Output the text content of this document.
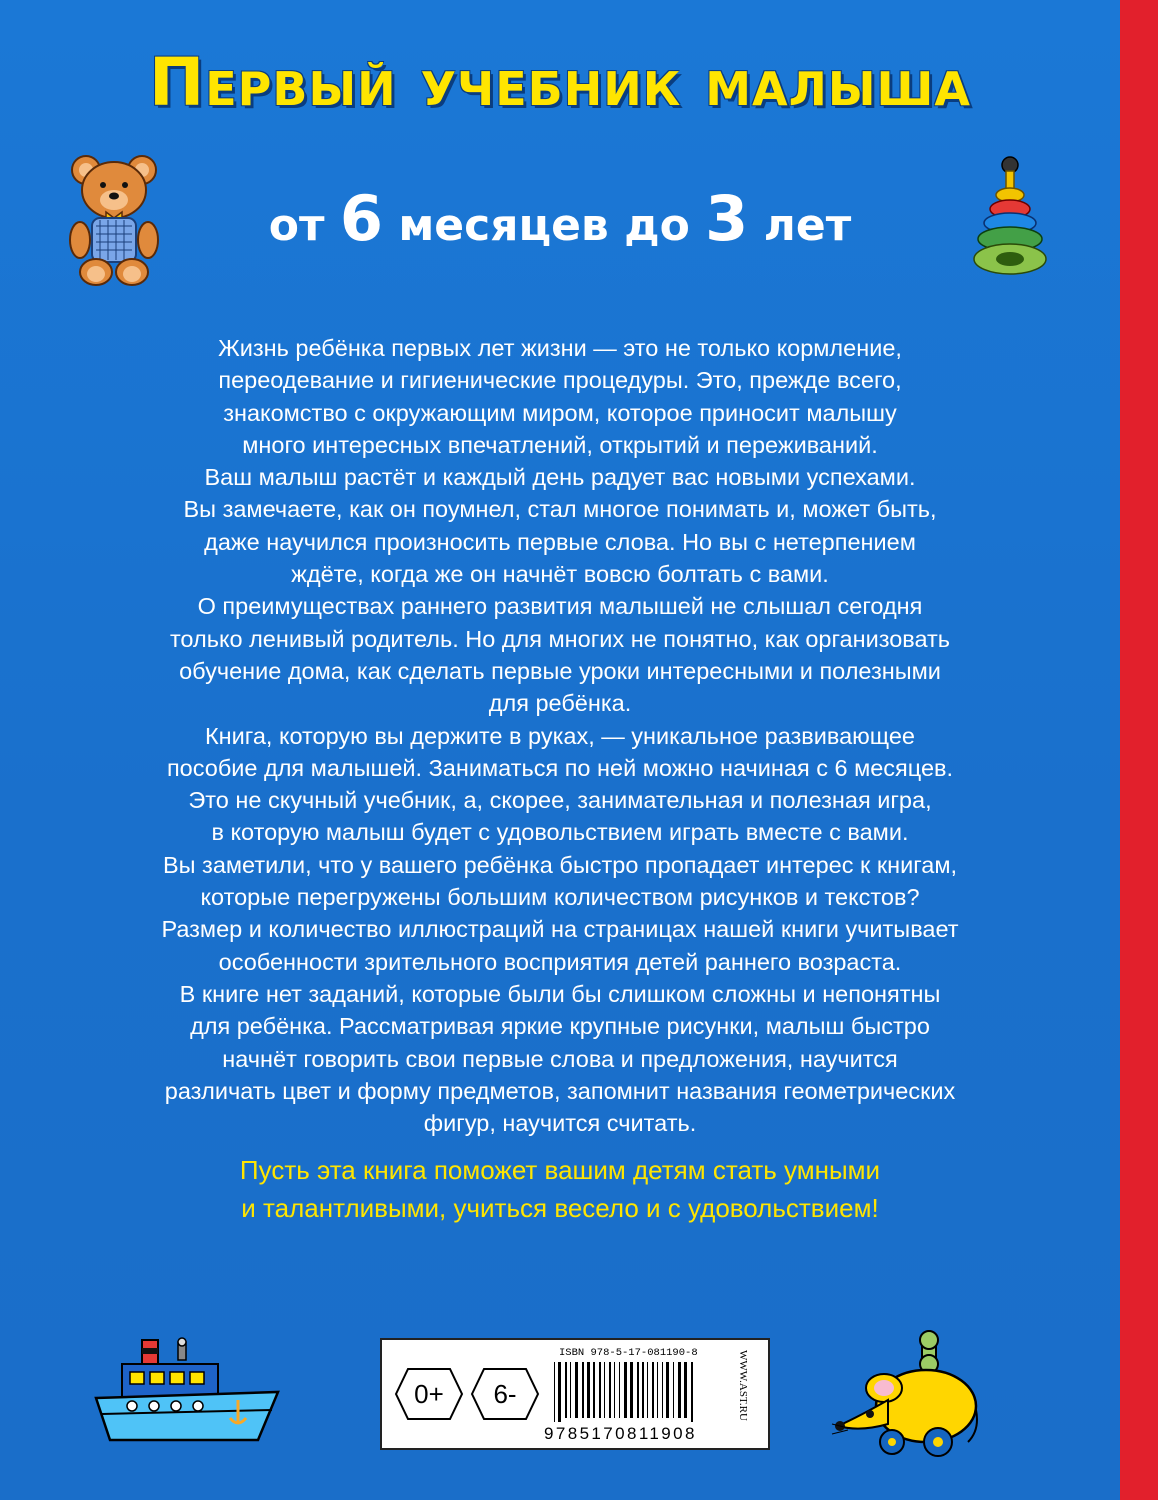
Первый учебник малыша
от 6 месяцев до 3 лет

Жизнь ребёнка первых лет жизни — это не только кормление,

переодевание и гигиенические процедуры. Это, прежде всего,

знакомство с окружающим миром, которое приносит малышу

много интересных впечатлений, открытий и переживаний.

Ваш малыш растёт и каждый день радует вас новыми успехами.

Вы замечаете, как он поумнел, стал многое понимать и, может быть,

даже научился произносить первые слова. Но вы с нетерпением

ждёте, когда же он начнёт вовсю болтать с вами.

О преимуществах раннего развития малышей не слышал сегодня

только ленивый родитель. Но для многих не понятно, как организовать

обучение дома, как сделать первые уроки интересными и полезными

для ребёнка.

Книга, которую вы держите в руках, — уникальное развивающее

пособие для малышей. Заниматься по ней можно начиная с 6 месяцев.

Это не скучный учебник, а, скорее, занимательная и полезная игра,

в которую малыш будет с удовольствием играть вместе с вами.

Вы заметили, что у вашего ребёнка быстро пропадает интерес к книгам,

которые перегружены большим количеством рисунков и текстов?

Размер и количество иллюстраций на страницах нашей книги учитывает

особенности зрительного восприятия детей раннего возраста.

В книге нет заданий, которые были бы слишком сложны и непонятны

для ребёнка. Рассматривая яркие крупные рисунки, малыш быстро

начнёт говорить свои первые слова и предложения, научится

различать цвет и форму предметов, запомнит названия геометрических

фигур, научится считать.

Пусть эта книга поможет вашим детям стать умными

и талантливыми, учиться весело и с удовольствием!

0+ 6-
ISBN 978-5-17-081190-8
9785170811908
WWW.AST.RU
